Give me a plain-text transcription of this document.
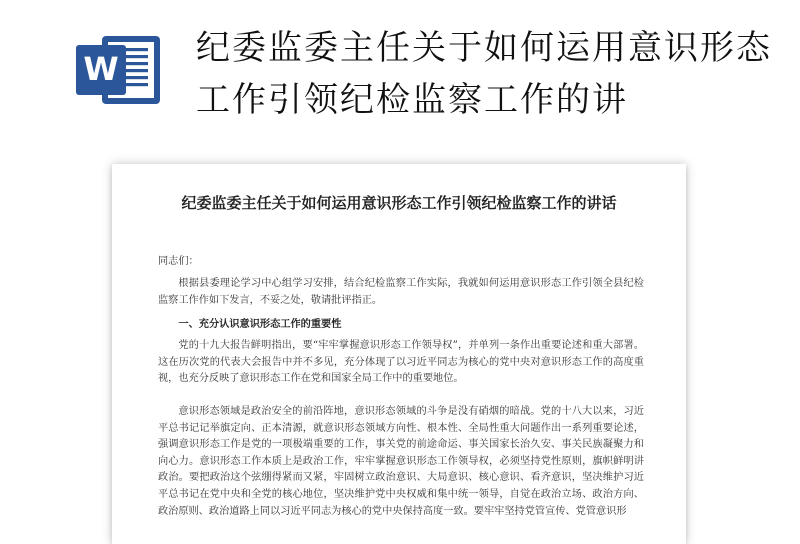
W
纪委监委主任关于如何运用意识形态工作引领纪检监察工作的讲
纪委监委主任关于如何运用意识形态工作引领纪检监察工作的讲话

同志们：

根据县委理论学习中心组学习安排，结合纪检监察工作实际，我就如何运用意识形态工作引领全县纪检监察工作作如下发言，不妥之处，敬请批评指正。

一、充分认识意识形态工作的重要性

党的十九大报告鲜明指出，要“牢牢掌握意识形态工作领导权”，并单列一条作出重要论述和重大部署。这在历次党的代表大会报告中并不多见，充分体现了以习近平同志为核心的党中央对意识形态工作的高度重视，也充分反映了意识形态工作在党和国家全局工作中的重要地位。

意识形态领域是政治安全的前沿阵地，意识形态领域的斗争是没有硝烟的暗战。党的十八大以来，习近平总书记记举旗定向、正本清源，就意识形态领域方向性、根本性、全局性重大问题作出一系列重要论述，强调意识形态工作是党的一项极端重要的工作，事关党的前途命运、事关国家长治久安、事关民族凝聚力和向心力。意识形态工作本质上是政治工作，牢牢掌握意识形态工作领导权，必须坚持党性原则，旗帜鲜明讲政治。要把政治这个弦绷得紧而又紧，牢固树立政治意识、大局意识、核心意识、看齐意识，坚决维护习近平总书记在党中央和全党的核心地位，坚决维护党中央权威和集中统一领导，自觉在政治立场、政治方向、政治原则、政治道路上同以习近平同志为核心的党中央保持高度一致。要牢牢坚持党管宣传、党管意识形
